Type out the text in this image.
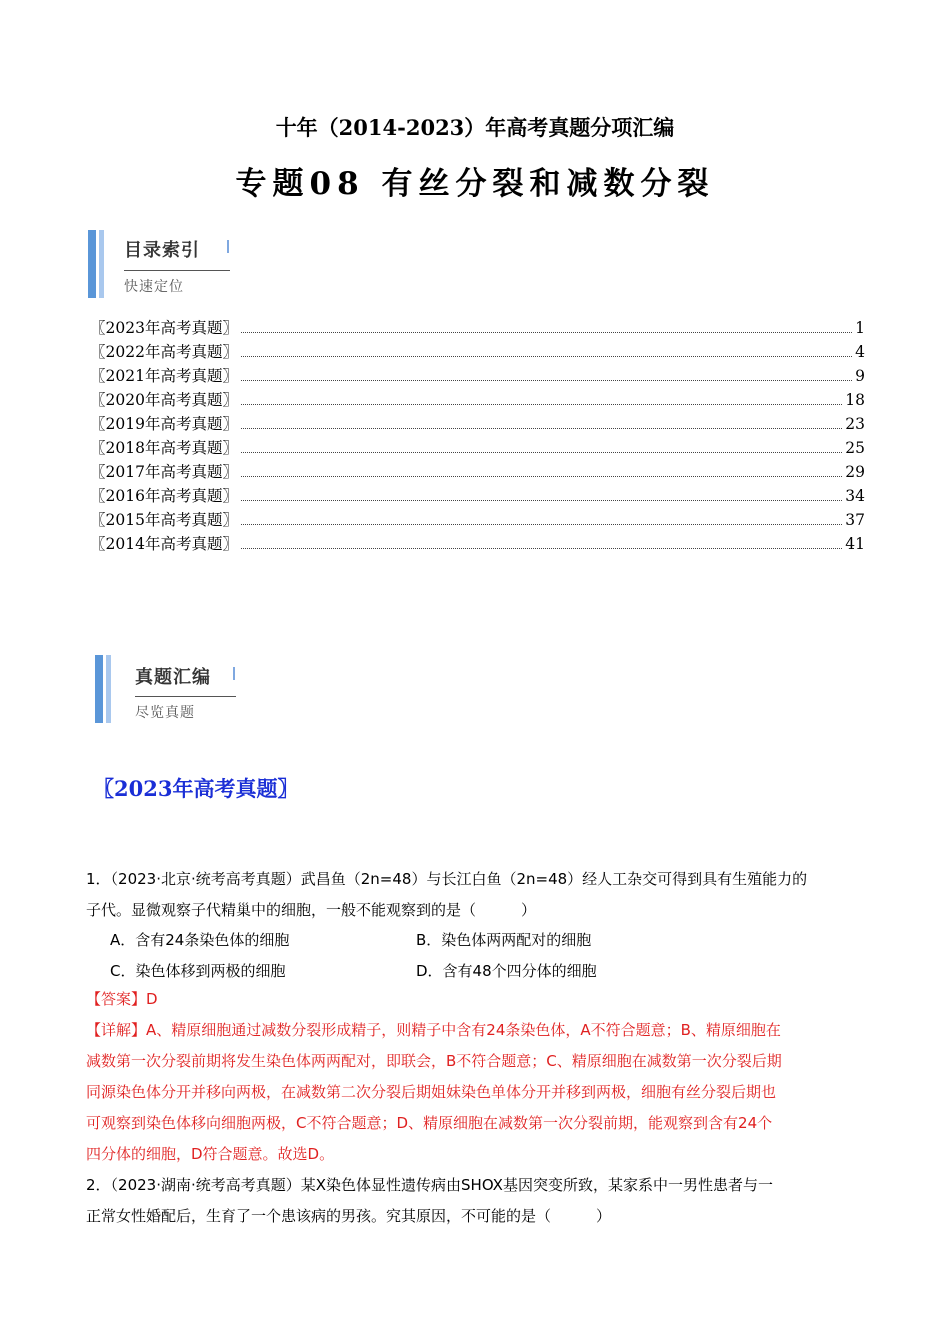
十年（2014-2023）年高考真题分项汇编
专题08 有丝分裂和减数分裂
目录索引
快速定位
〖2023年高考真题〗	1
〖2022年高考真题〗	4
〖2021年高考真题〗	9
〖2020年高考真题〗	18
〖2019年高考真题〗	23
〖2018年高考真题〗	25
〖2017年高考真题〗	29
〖2016年高考真题〗	34
〖2015年高考真题〗	37
〖2014年高考真题〗	41
真题汇编
尽览真题
〖2023年高考真题〗
1．（2023·北京·统考高考真题）武昌鱼（2n=48）与长江白鱼（2n=48）经人工杂交可得到具有生殖能力的
子代。显微观察子代精巢中的细胞，一般不能观察到的是（　　　）
A．含有24条染色体的细胞	B．染色体两两配对的细胞
C．染色体移到两极的细胞	D．含有48个四分体的细胞
【答案】D
【详解】A、精原细胞通过减数分裂形成精子，则精子中含有24条染色体，A不符合题意；B、精原细胞在
减数第一次分裂前期将发生染色体两两配对，即联会，B不符合题意；C、精原细胞在减数第一次分裂后期
同源染色体分开并移向两极，在减数第二次分裂后期姐妹染色单体分开并移到两极，细胞有丝分裂后期也
可观察到染色体移向细胞两极，C不符合题意；D、精原细胞在减数第一次分裂前期，能观察到含有24个
四分体的细胞，D符合题意。故选D。
2．（2023·湖南·统考高考真题）某X染色体显性遗传病由SHOX基因突变所致，某家系中一男性患者与一
正常女性婚配后，生育了一个患该病的男孩。究其原因，不可能的是（　　　）
